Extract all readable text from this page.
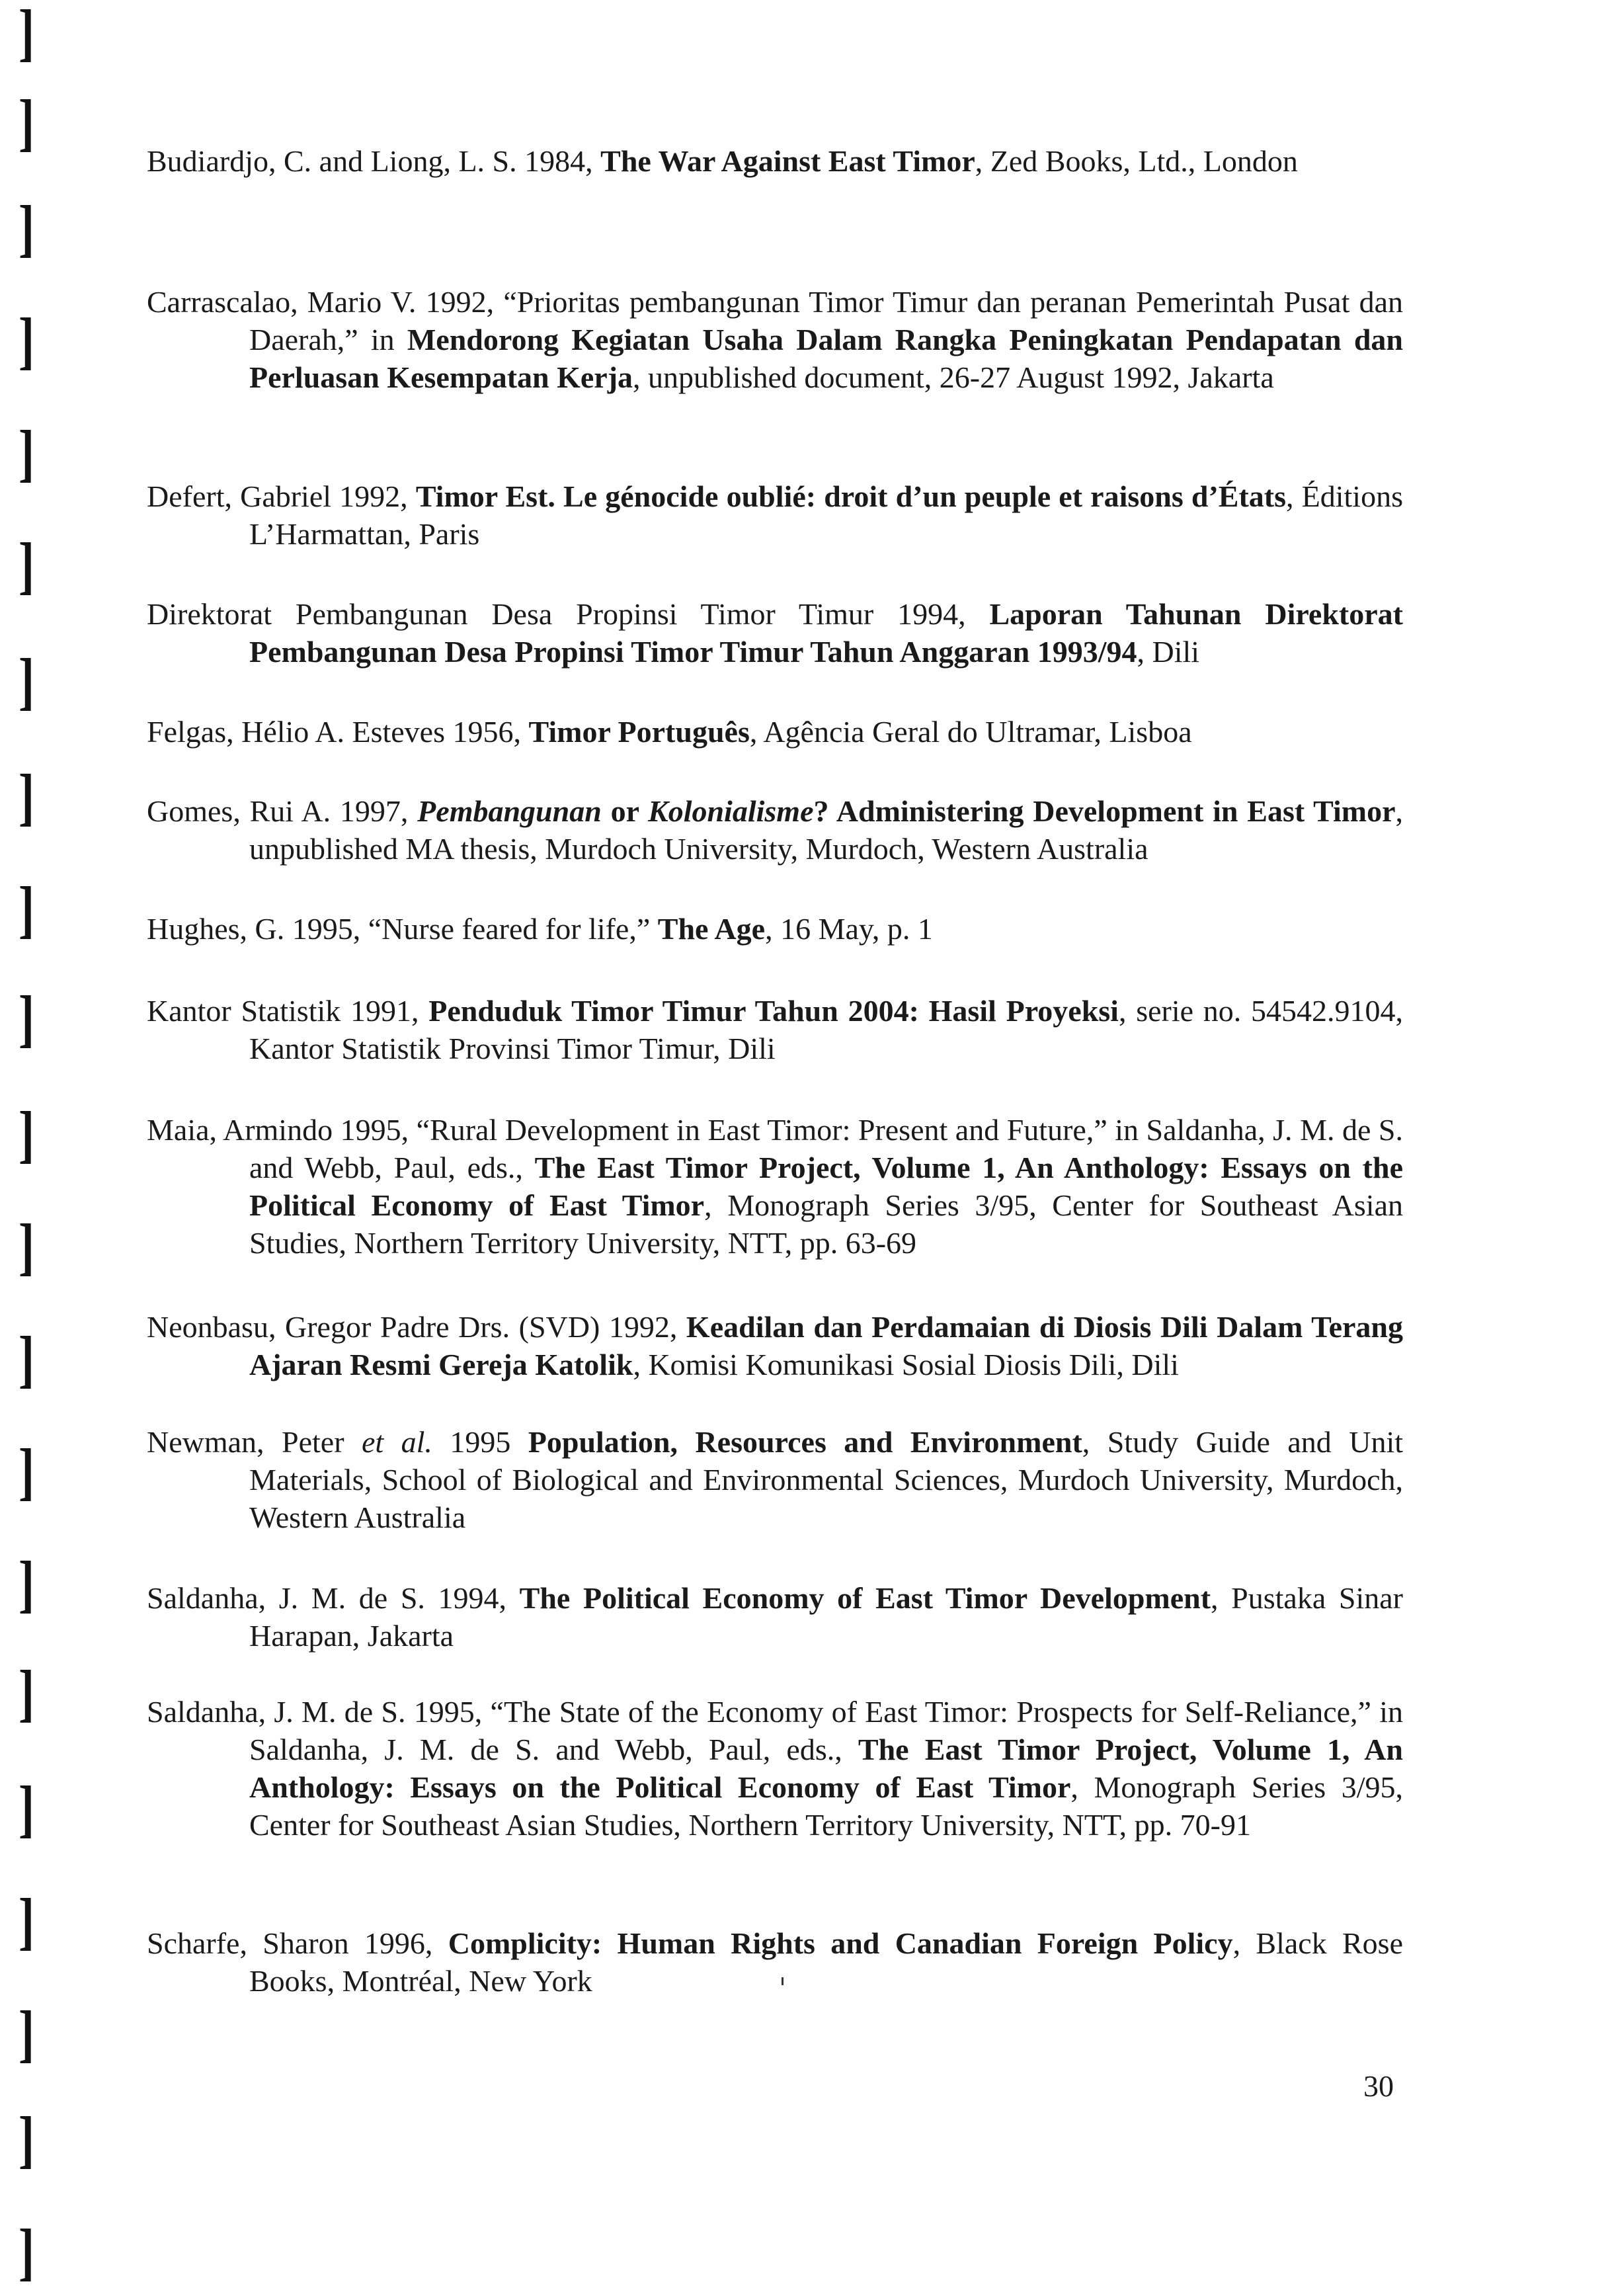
]
]
]
]
]
]
]
]
]
]
]
]
]
]
]
]
]
]
]
]
]

Budiardjo, C. and Liong, L. S. 1984, The War Against East Timor, Zed Books, Ltd., London

Carrascalao, Mario V. 1992, “Prioritas pembangunan Timor Timur dan peranan Pemerintah Pusat dan Daerah,” in Mendorong Kegiatan Usaha Dalam Rangka Peningkatan Pendapatan dan Perluasan Kesempatan Kerja, unpublished document, 26-27 August 1992, Jakarta

Defert, Gabriel 1992, Timor Est. Le génocide oublié: droit d’un peuple et raisons d’États, Éditions L’Harmattan, Paris

Direktorat Pembangunan Desa Propinsi Timor Timur 1994, Laporan Tahunan Direktorat Pembangunan Desa Propinsi Timor Timur Tahun Anggaran 1993/94, Dili

Felgas, Hélio A. Esteves 1956, Timor Português, Agência Geral do Ultramar, Lisboa

Gomes, Rui A. 1997, Pembangunan or Kolonialisme? Administering Development in East Timor, unpublished MA thesis, Murdoch University, Murdoch, Western Australia

Hughes, G. 1995, “Nurse feared for life,” The Age, 16 May, p. 1

Kantor Statistik 1991, Penduduk Timor Timur Tahun 2004: Hasil Proyeksi, serie no. 54542.9104, Kantor Statistik Provinsi Timor Timur, Dili

Maia, Armindo 1995, “Rural Development in East Timor: Present and Future,” in Saldanha, J. M. de S. and Webb, Paul, eds., The East Timor Project, Volume 1, An Anthology: Essays on the Political Economy of East Timor, Monograph Series 3/95, Center for Southeast Asian Studies, Northern Territory University, NTT, pp. 63-69

Neonbasu, Gregor Padre Drs. (SVD) 1992, Keadilan dan Perdamaian di Diosis Dili Dalam Terang Ajaran Resmi Gereja Katolik, Komisi Komunikasi Sosial Diosis Dili, Dili

Newman, Peter et al. 1995 Population, Resources and Environment, Study Guide and Unit Materials, School of Biological and Environmental Sciences, Murdoch University, Murdoch, Western Australia

Saldanha, J. M. de S. 1994, The Political Economy of East Timor Development, Pustaka Sinar Harapan, Jakarta

Saldanha, J. M. de S. 1995, “The State of the Economy of East Timor: Prospects for Self-Reliance,” in Saldanha, J. M. de S. and Webb, Paul, eds., The East Timor Project, Volume 1, An Anthology: Essays on the Political Economy of East Timor, Monograph Series 3/95, Center for Southeast Asian Studies, Northern Territory University, NTT, pp. 70-91

Scharfe, Sharon 1996, Complicity: Human Rights and Canadian Foreign Policy, Black Rose Books, Montréal, New York

30
